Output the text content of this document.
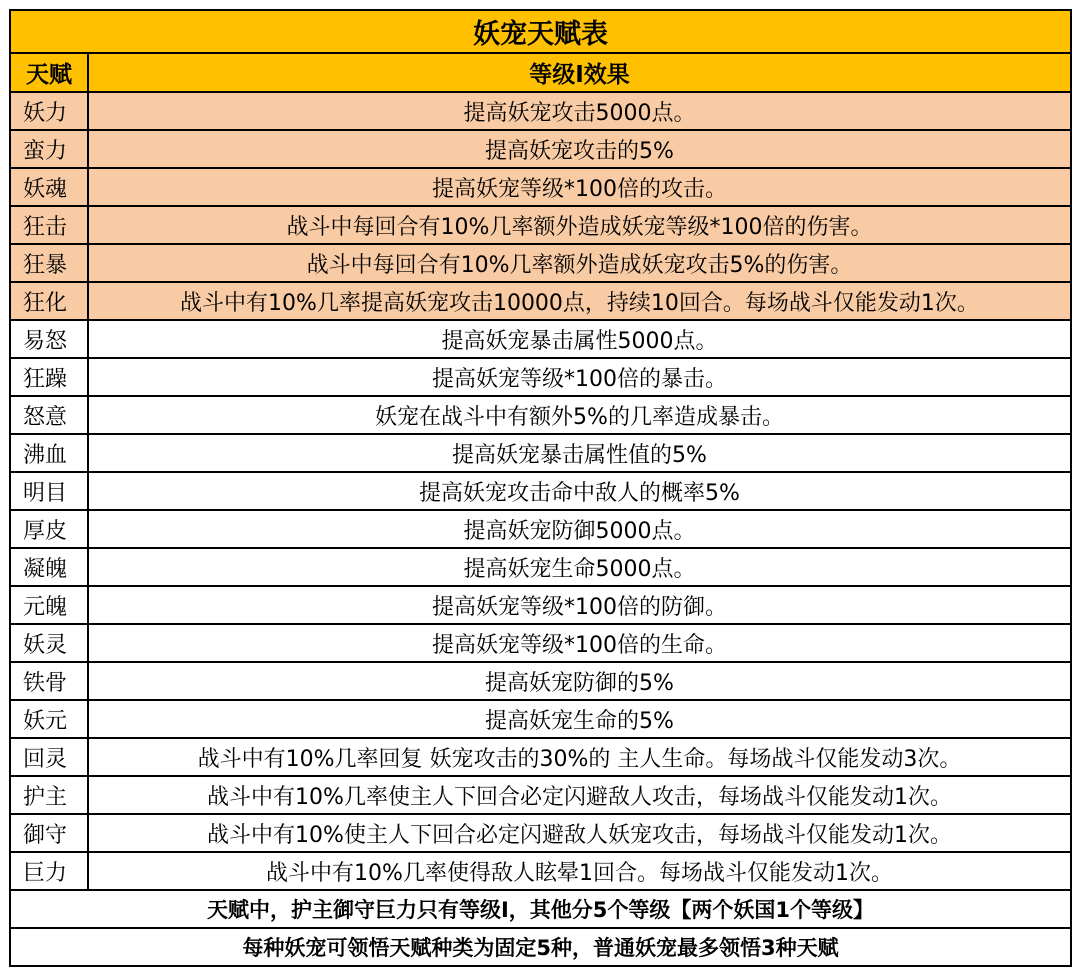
妖宠天赋表	
天赋	等级I效果
妖力	提高妖宠攻击5000点。
蛮力	提高妖宠攻击的5%
妖魂	提高妖宠等级*100倍的攻击。
狂击	战斗中每回合有10%几率额外造成妖宠等级*100倍的伤害。
狂暴	战斗中每回合有10%几率额外造成妖宠攻击5%的伤害。
狂化	战斗中有10%几率提高妖宠攻击10000点，持续10回合。每场战斗仅能发动1次。
易怒	提高妖宠暴击属性5000点。
狂躁	提高妖宠等级*100倍的暴击。
怒意	妖宠在战斗中有额外5%的几率造成暴击。
沸血	提高妖宠暴击属性值的5%
明目	提高妖宠攻击命中敌人的概率5%
厚皮	提高妖宠防御5000点。
凝魄	提高妖宠生命5000点。
元魄	提高妖宠等级*100倍的防御。
妖灵	提高妖宠等级*100倍的生命。
铁骨	提高妖宠防御的5%
妖元	提高妖宠生命的5%
回灵	战斗中有10%几率回复 妖宠攻击的30%的 主人生命。每场战斗仅能发动3次。
护主	战斗中有10%几率使主人下回合必定闪避敌人攻击，每场战斗仅能发动1次。
御守	战斗中有10%使主人下回合必定闪避敌人妖宠攻击，每场战斗仅能发动1次。
巨力	战斗中有10%几率使得敌人眩晕1回合。每场战斗仅能发动1次。
天赋中，护主御守巨力只有等级I，其他分5个等级【两个妖国1个等级】	
每种妖宠可领悟天赋种类为固定5种，普通妖宠最多领悟3种天赋	
